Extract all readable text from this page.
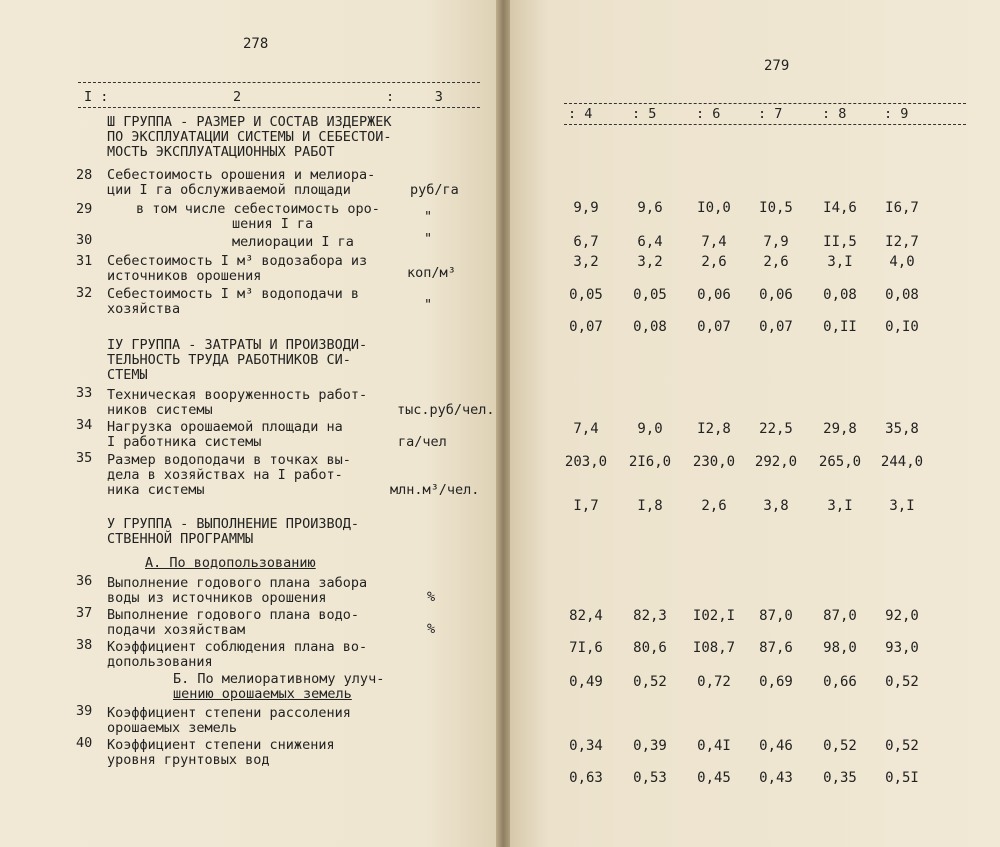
278
I :	2	:     3
Ш ГРУППА - РАЗМЕР И СОСТАВ ИЗДЕРЖЕК
ПО ЭКСПЛУАТАЦИИ СИСТЕМЫ И СЕБЕСТОИ-
МОСТЬ ЭКСПЛУАТАЦИОННЫХ РАБОТ
28 Себестоимость орошения и мелиора-
ции I га обслуживаемой площади	руб/га
29	в том числе себестоимость оро-
шения I га	"
30	мелиорации I га	"
31 Себестоимость I м³ водозабора из
источников орошения	коп/м³
32 Себестоимость I м³ водоподачи в
хозяйства	"
ІУ ГРУППА - ЗАТРАТЫ И ПРОИЗВОДИ-
ТЕЛЬНОСТЬ ТРУДА РАБОТНИКОВ СИ-
СТЕМЫ
33 Техническая вооруженность работ-
ников системы	тыс.руб/чел.
34 Нагрузка орошаемой площади на
I работника системы	га/чел
35 Размер водоподачи в точках вы-
дела в хозяйствах на I работ-
ника системы	млн.м³/чел.
У ГРУППА - ВЫПОЛНЕНИЕ ПРОИЗВОД-
СТВЕННОЙ ПРОГРАММЫ
А. По водопользованию
36 Выполнение годового плана забора
воды из источников орошения	%
37 Выполнение годового плана водо-
подачи хозяйствам	%
38 Коэффициент соблюдения плана во-
допользования
Б. По мелиоративному улуч-
шению орошаемых земель
39 Коэффициент степени рассоления
орошаемых земель
40 Коэффициент степени снижения
уровня грунтовых вод
279
: 4	: 5	: 6	: 7	: 8	: 9
9,9	9,6	I0,0	I0,5	I4,6	I6,7
6,7	6,4	7,4	7,9	II,5	I2,7
3,2	3,2	2,6	2,6	3,I	4,0
0,05	0,05	0,06	0,06	0,08	0,08
0,07	0,08	0,07	0,07	0,II	0,I0
7,4	9,0	I2,8	22,5	29,8	35,8
203,0	2I6,0	230,0	292,0	265,0	244,0
I,7	I,8	2,6	3,8	3,I	3,I
82,4	82,3	I02,I	87,0	87,0	92,0
7I,6	80,6	I08,7	87,6	98,0	93,0
0,49	0,52	0,72	0,69	0,66	0,52
0,34	0,39	0,4I	0,46	0,52	0,52
0,63	0,53	0,45	0,43	0,35	0,5I
